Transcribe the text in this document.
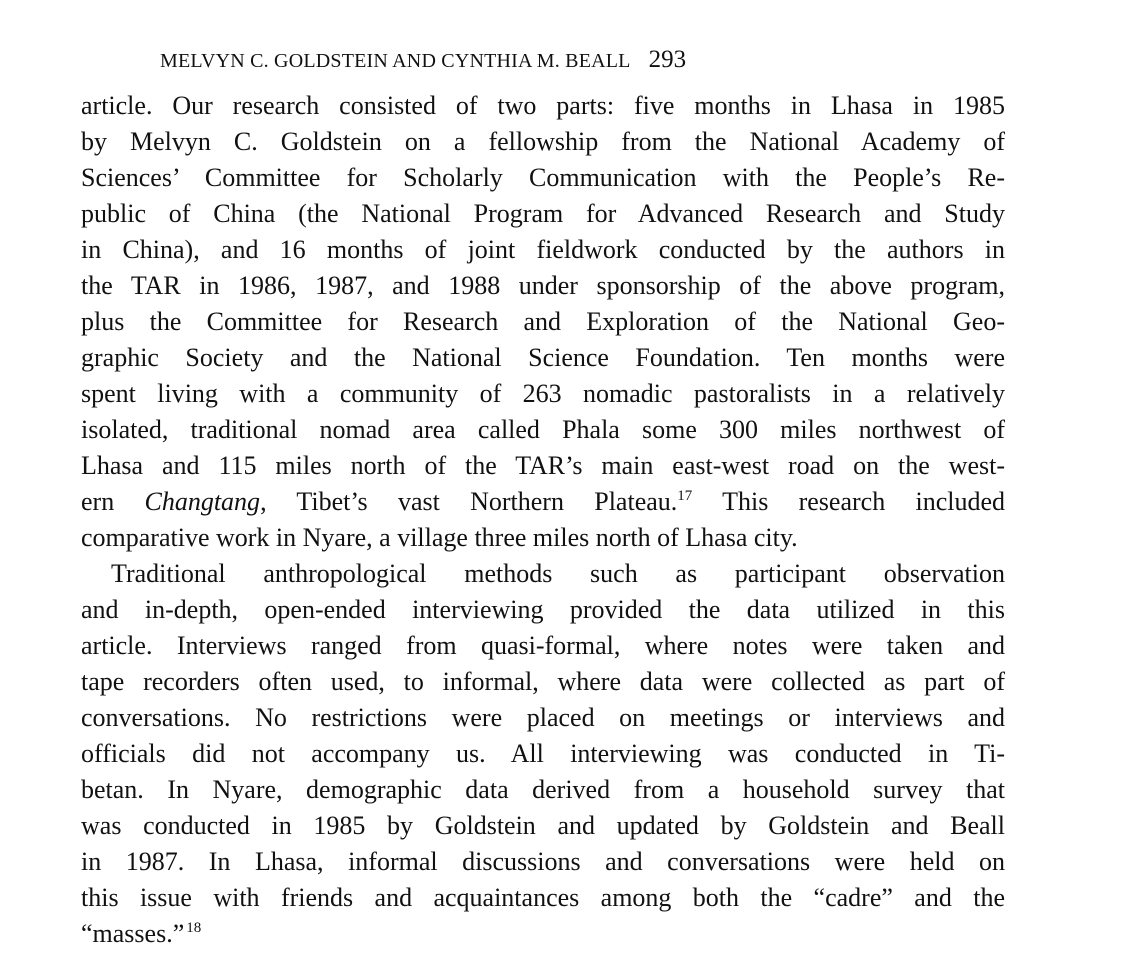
MELVYN C. GOLDSTEIN AND CYNTHIA M. BEALL 293
article. Our research consisted of two parts: five months in Lhasa in 1985
by Melvyn C. Goldstein on a fellowship from the National Academy of
Sciences’ Committee for Scholarly Communication with the People’s Re-
public of China (the National Program for Advanced Research and Study
in China), and 16 months of joint fieldwork conducted by the authors in
the TAR in 1986, 1987, and 1988 under sponsorship of the above program,
plus the Committee for Research and Exploration of the National Geo-
graphic Society and the National Science Foundation. Ten months were
spent living with a community of 263 nomadic pastoralists in a relatively
isolated, traditional nomad area called Phala some 300 miles northwest of
Lhasa and 115 miles north of the TAR’s main east-west road on the west-
ern Changtang, Tibet’s vast Northern Plateau.$^{17}$ This research included
comparative work in Nyare, a village three miles north of Lhasa city.
Traditional anthropological methods such as participant observation
and in-depth, open-ended interviewing provided the data utilized in this
article. Interviews ranged from quasi-formal, where notes were taken and
tape recorders often used, to informal, where data were collected as part of
conversations. No restrictions were placed on meetings or interviews and
officials did not accompany us. All interviewing was conducted in Ti-
betan. In Nyare, demographic data derived from a household survey that
was conducted in 1985 by Goldstein and updated by Goldstein and Beall
in 1987. In Lhasa, informal discussions and conversations were held on
this issue with friends and acquaintances among both the “cadre” and the
“masses.” $^{18}$
